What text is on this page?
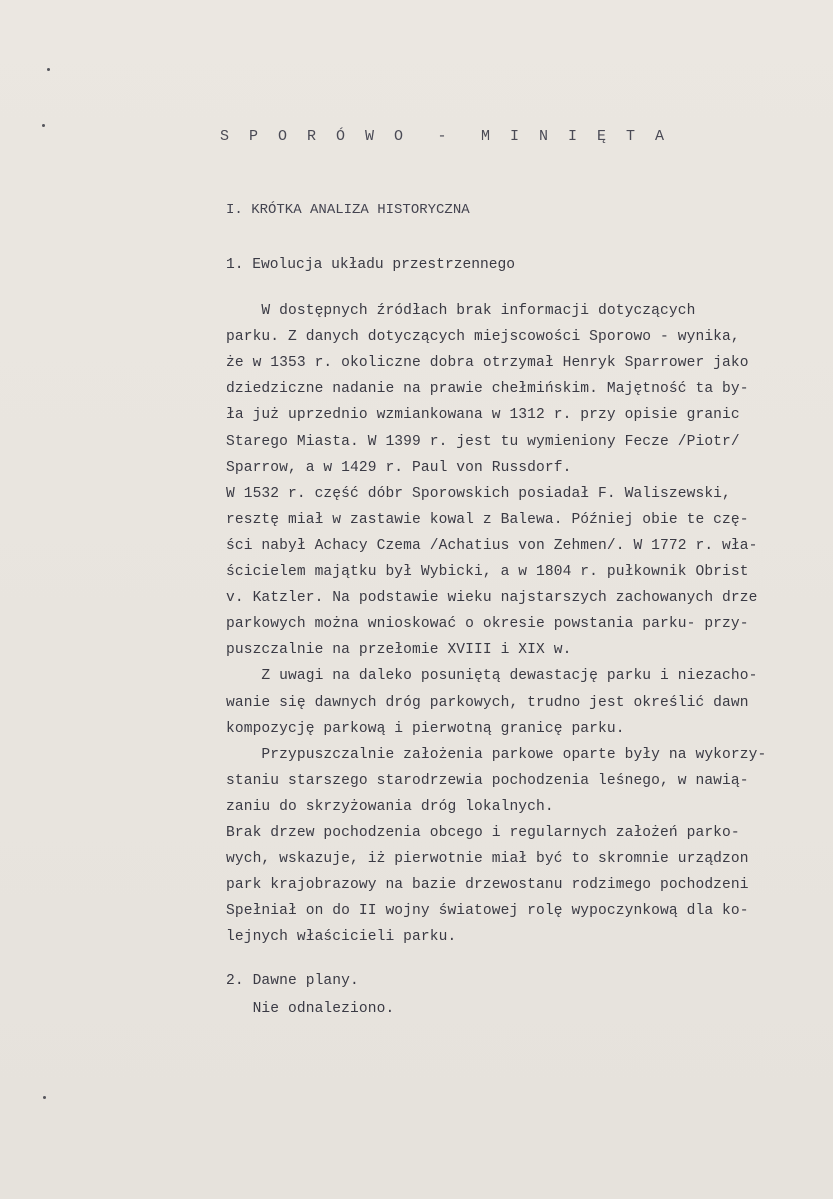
S P O R Ó W O  -  M I N I Ę T A
I. KRÓTKA ANALIZA HISTORYCZNA
1. Ewolucja układu przestrzennego
W dostępnych źródłach brak informacji dotyczących
parku. Z danych dotyczących miejscowości Sporowo - wynika,
że w 1353 r. okoliczne dobra otrzymał Henryk Sparrower jako
dziedziczne nadanie na prawie chełmińskim. Majętność ta by-
ła już uprzednio wzmiankowana w 1312 r. przy opisie granic
Starego Miasta. W 1399 r. jest tu wymieniony Fecze /Piotr/
Sparrow, a w 1429 r. Paul von Russdorf.
W 1532 r. część dóbr Sporowskich posiadał F. Waliszewski,
resztę miał w zastawie kowal z Balewa. Później obie te czę-
ści nabył Achacy Czema /Achatius von Zehmen/. W 1772 r. wła-
ścicielem majątku był Wybicki, a w 1804 r. pułkownik Obrist
v. Katzler. Na podstawie wieku najstarszych zachowanych drze
parkowych można wnioskować o okresie powstania parku- przy-
puszczalnie na przełomie XVIII i XIX w.
Z uwagi na daleko posuniętą dewastację parku i niezacho-
wanie się dawnych dróg parkowych, trudno jest określić dawn
kompozycję parkową i pierwotną granicę parku.
Przypuszczalnie założenia parkowe oparte były na wykorzy-
staniu starszego starodrzewia pochodzenia leśnego, w nawią-
zaniu do skrzyżowania dróg lokalnych.
Brak drzew pochodzenia obcego i regularnych założeń parko-
wych, wskazuje, iż pierwotnie miał być to skromnie urządzon
park krajobrazowy na bazie drzewostanu rodzimego pochodzeni
Spełniał on do II wojny światowej rolę wypoczynkową dla ko-
lejnych właścicieli parku.
2. Dawne plany.
Nie odnaleziono.
